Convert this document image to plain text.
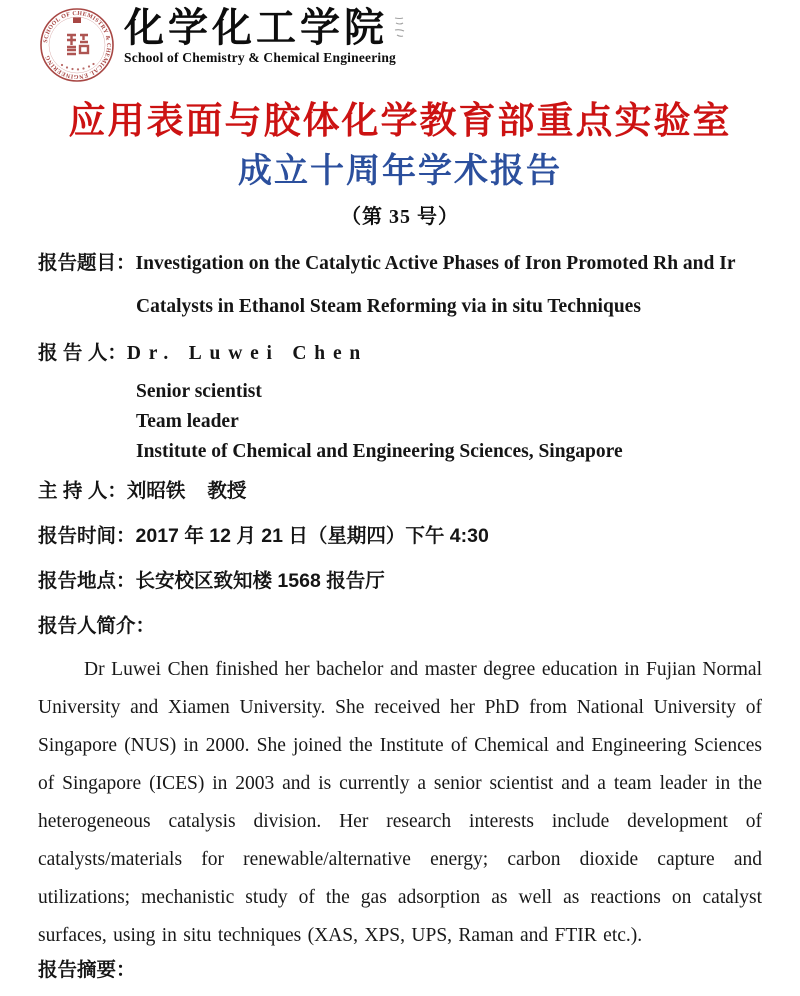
SCHOOL OF CHEMISTRY & CHEMICAL ENGINEERING
化学化工学院
School of Chemistry & Chemical Engineering
应用表面与胶体化学教育部重点实验室
成立十周年学术报告
（第 35 号）
报告题目： Investigation on the Catalytic Active Phases of Iron Promoted Rh and Ir
Catalysts in Ethanol Steam Reforming via in situ Techniques
报 告 人： Dr. Luwei Chen
Senior scientist
Team leader
Institute of Chemical and Engineering Sciences, Singapore
主 持 人： 刘昭铁 教授
报告时间： 2017 年 12 月 21 日（星期四）下午 4:30
报告地点： 长安校区致知楼 1568 报告厅
报告人简介：

Dr Luwei Chen finished her bachelor and master degree education in Fujian Normal University and Xiamen University. She received her PhD from National University of Singapore (NUS) in 2000. She joined the Institute of Chemical and Engineering Sciences of Singapore (ICES) in 2003 and is currently a senior scientist and a team leader in the heterogeneous catalysis division. Her research interests include development of catalysts/materials for renewable/alternative energy; carbon dioxide capture and utilizations; mechanistic study of the gas adsorption as well as reactions on catalyst surfaces, using in situ techniques (XAS, XPS, UPS, Raman and FTIR etc.).

报告摘要：
